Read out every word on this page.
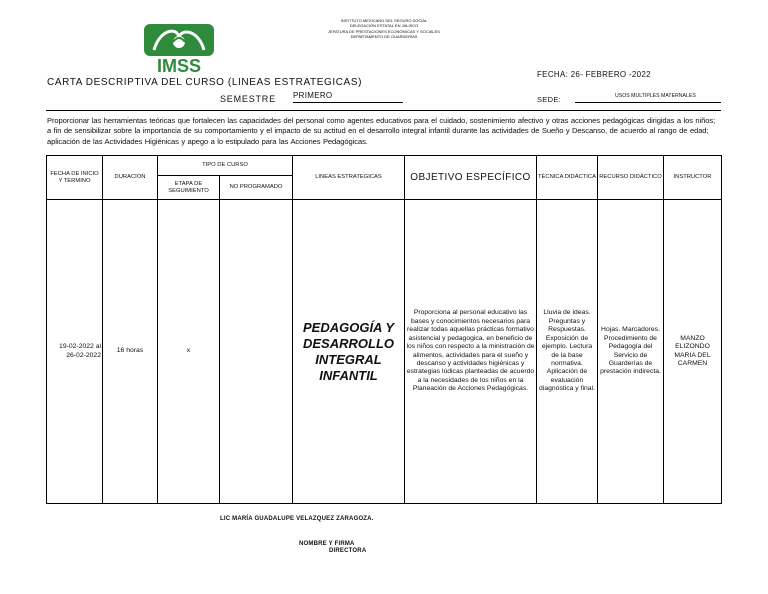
IMSS
INSTITUTO MEXICANO DEL SEGURO SOCIAL
DELEGACIÓN ESTATAL EN JALISCO
JEFATURA DE PRESTACIONES ECONÓMICAS Y SOCIALES
DEPARTAMENTO DE GUARDERÍAS
CARTA DESCRIPTIVA DEL CURSO (LINEAS ESTRATEGICAS)
FECHA: 26- FEBRERO -2022
SEMESTRE PRIMERO	SEDE:	USOS MULTIPLES MATERNALES
Proporcionar las herramientas teóricas que fortalecen las capacidades del personal como agentes educativos para el cuidado, sostenimiento afectivo y otras acciones pedagógicas dirigidas a los niños; a fin de sensibilizar sobre la importancia de su comportamiento y el impacto de su actitud en el desarrollo integral infantil durante las actividades de Sueño y Descanso, de acuerdo al rango de edad; aplicación de las Actividades Higiénicas y apego a lo estipulado para las Acciones Pedagógicas.
FECHA DE INICIO Y TERMINO	DURACION	TIPO DE CURSO		LINEAS ESTRATEGICAS	OBJETIVO ESPECÍFICO	TÉCNICA DIDÁCTICA	RECURSO DIDÁCTICO	INSTRUCTOR
		ETAPA DE SEGUIMIENTO	NO PROGRAMADO					
19-02-2022 al 26-02-2022	16 horas	x		PEDAGOGÍA Y DESARROLLO INTEGRAL INFANTIL	Proporciona al personal educativo las bases y conocimientos necesarios para realizar todas aquellas prácticas formativo asistencial y pedagogica, en beneficio de los niños con respecto a la ministración de alimentos, actividades para el sueño y descanso y actividades higiénicas y estrategias lúdicas planteadas de acuerdo a la necesidades de los niños en la Planeación de Acciones Pedagógicas.	Lluvia de ideas. Preguntas y Respuestas. Exposición de ejemplo. Lectura de la base normativa. Aplicación de evaluación diagnóstica y final.	Hojas. Marcadores. Procedimiento de Pedagogía del Servicio de Guarderías de prestación indirecta.	MANZO ELIZONDO MARIA DEL CARMEN
LIC MARÍA GUADALUPE VELAZQUEZ ZARAGOZA.
NOMBRE Y FIRMA
DIRECTORA
